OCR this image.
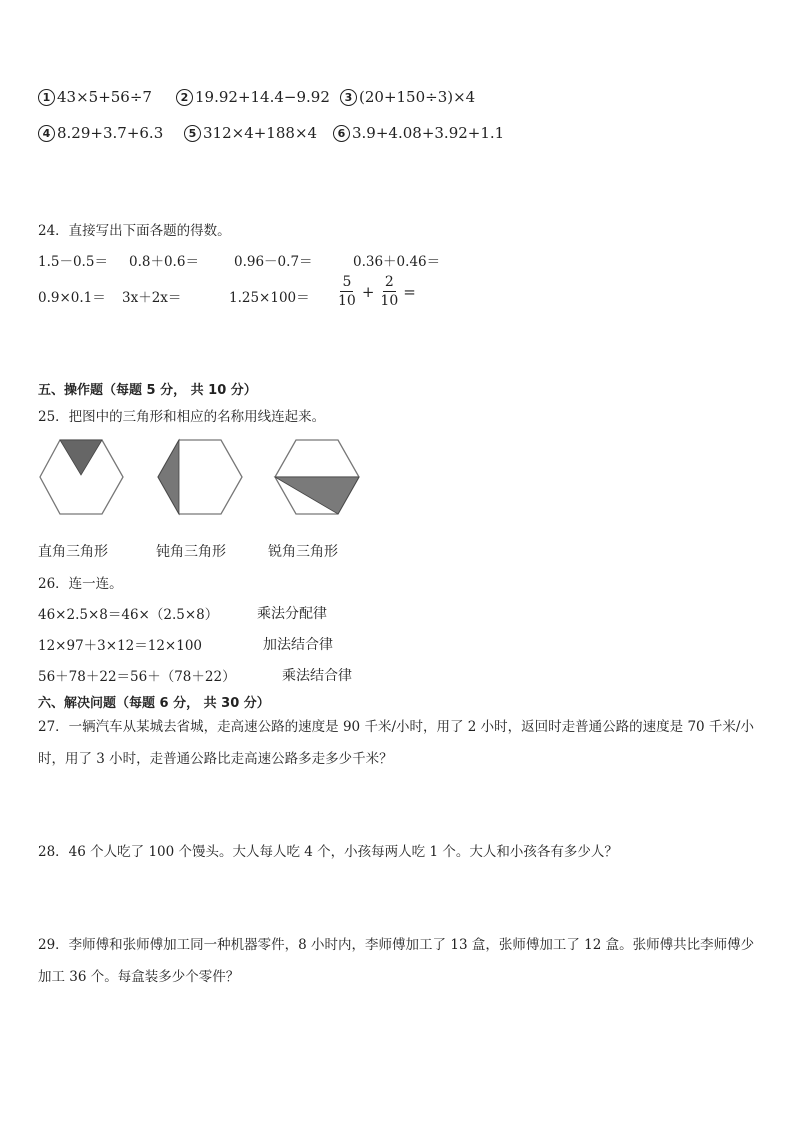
1 43×5+56÷7	2 19.92+14.4−9.92	3 (20+150÷3)×4
4 8.29+3.7+6.3	5 312×4+188×4	6 3.9+4.08+3.92+1.1
24．直接写出下面各题的得数。
1.5－0.5＝ 0.8＋0.6＝	0.96－0.7＝	0.36＋0.46＝
0.9×0.1＝ 3x＋2x＝	$1.25\times 100= \frac{5}{10} + \frac{2}{10}$ =
五、操作题（每题 5 分， 共 10 分）
25．把图中的三角形和相应的名称用线连起来。
直角三角形	钝角三角形	锐角三角形
26．连一连。
46×2.5×8＝46×（2.5×8）
12×97＋3×12＝12×100
56＋78＋22＝56＋（78＋22）
乘法分配律
加法结合律
乘法结合律
六、解决问题（每题 6 分， 共 30 分）
27．一辆汽车从某城去省城，走高速公路的速度是 90 千米/小时，用了 2 小时，返回时走普通公路的速度是 70 千米/小
时，用了 3 小时，走普通公路比走高速公路多走多少千米？
28．46 个人吃了 100 个馒头。大人每人吃 4 个，小孩每两人吃 1 个。大人和小孩各有多少人？
29．李师傅和张师傅加工同一种机器零件，8 小时内，李师傅加工了 13 盒，张师傅加工了 12 盒。张师傅共比李师傅少
加工 36 个。每盒装多少个零件？
